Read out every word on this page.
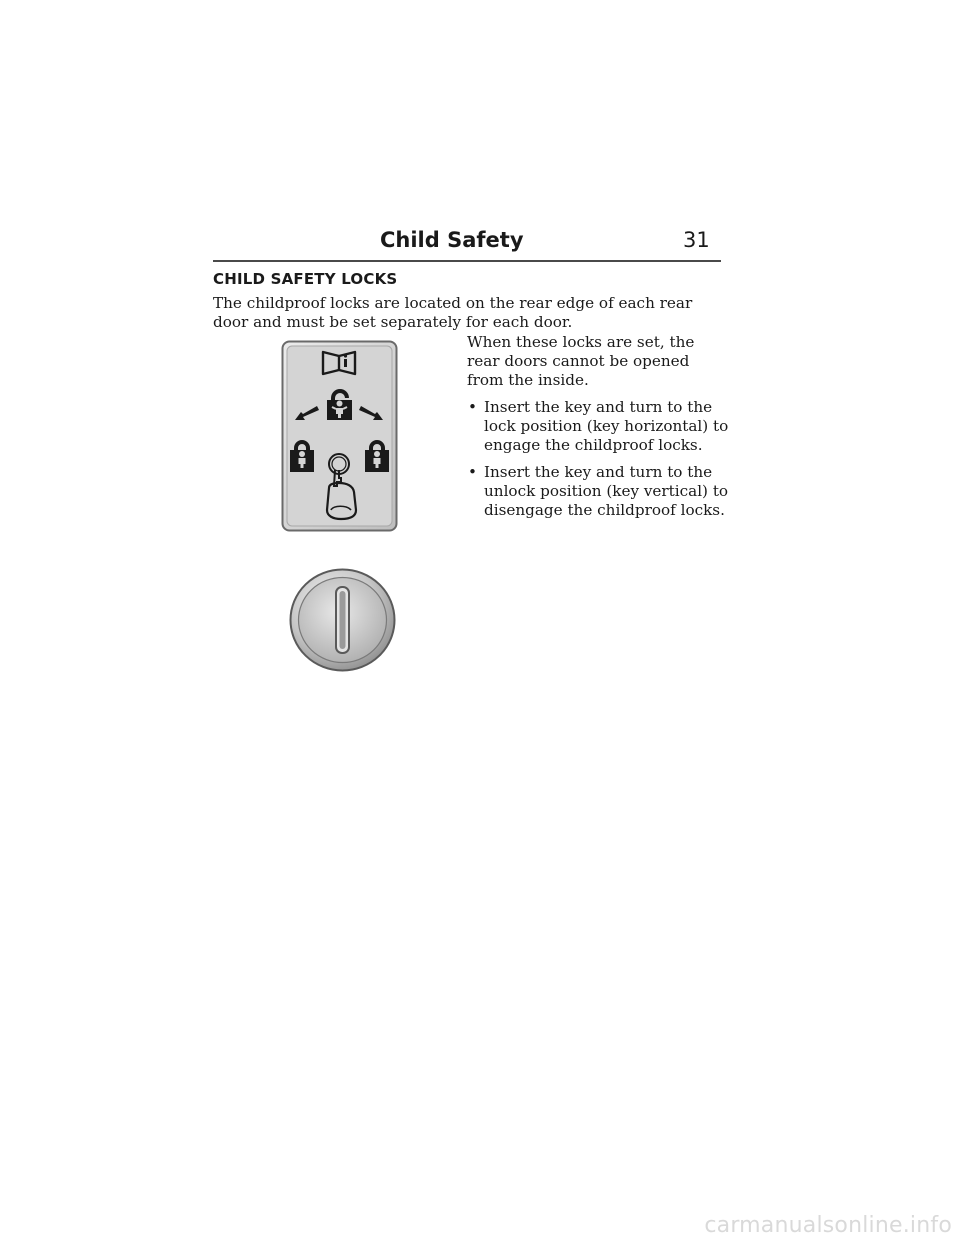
Child Safety	31
CHILD SAFETY LOCKS

The childproof locks are located on the rear edge of each rear door and must be set separately for each door.

When these locks are set, the rear doors cannot be opened from the inside.

• Insert the key and turn to the lock position (key horizontal) to engage the childproof locks.
• Insert the key and turn to the unlock position (key vertical) to disengage the childproof locks.
carmanualsonline.info
